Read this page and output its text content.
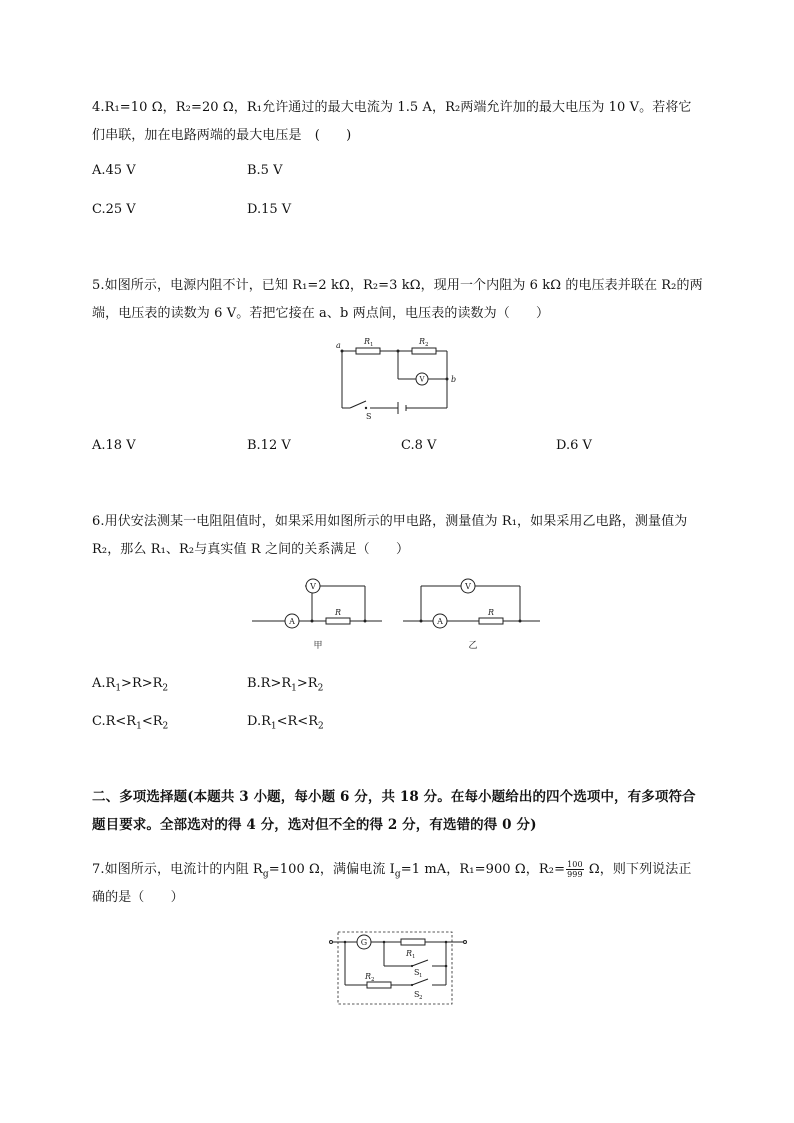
4.R₁=10 Ω，R₂=20 Ω，R₁允许通过的最大电流为 1.5 A，R₂两端允许加的最大电压为 10 V。若将它们串联，加在电路两端的最大电压是　(　　)
A.45 V	B.5 V
C.25 V	D.15 V
5.如图所示，电源内阻不计，已知 R₁=2 kΩ，R₂=3 kΩ，现用一个内阻为 6 kΩ 的电压表并联在 R₂的两端，电压表的读数为 6 V。若把它接在 a、b 两点间，电压表的读数为（　　）
V
a
b
R 1	R 2
S
A.18 V	B.12 V	C.8 V	D.6 V
6.用伏安法测某一电阻阻值时，如果采用如图所示的甲电路，测量值为 R₁，如果采用乙电路，测量值为 R₂，那么 R₁、R₂与真实值 R 之间的关系满足（　　）
A
V
R
甲
A
V
R
乙
$A.R_1>R>R_2$	$B.R>R_1>R_2$
$C.R<R_1<R_2$	$D.R_1<R<R_2$
二、多项选择题(本题共 3 小题，每小题 6 分，共 18 分。在每小题给出的四个选项中，有多项符合题目要求。全部选对的得 4 分，选对但不全的得 2 分，有选错的得 0 分)
7.如图所示，电流计的内阻 $R_g=100$ Ω，满偏电流 $I_g=1$ mA，R₁=900 Ω，$R_2= \frac{100}{999}$ Ω，则下列说法正确的是（　　）
G
R 1
R 2
S 1
S 2
